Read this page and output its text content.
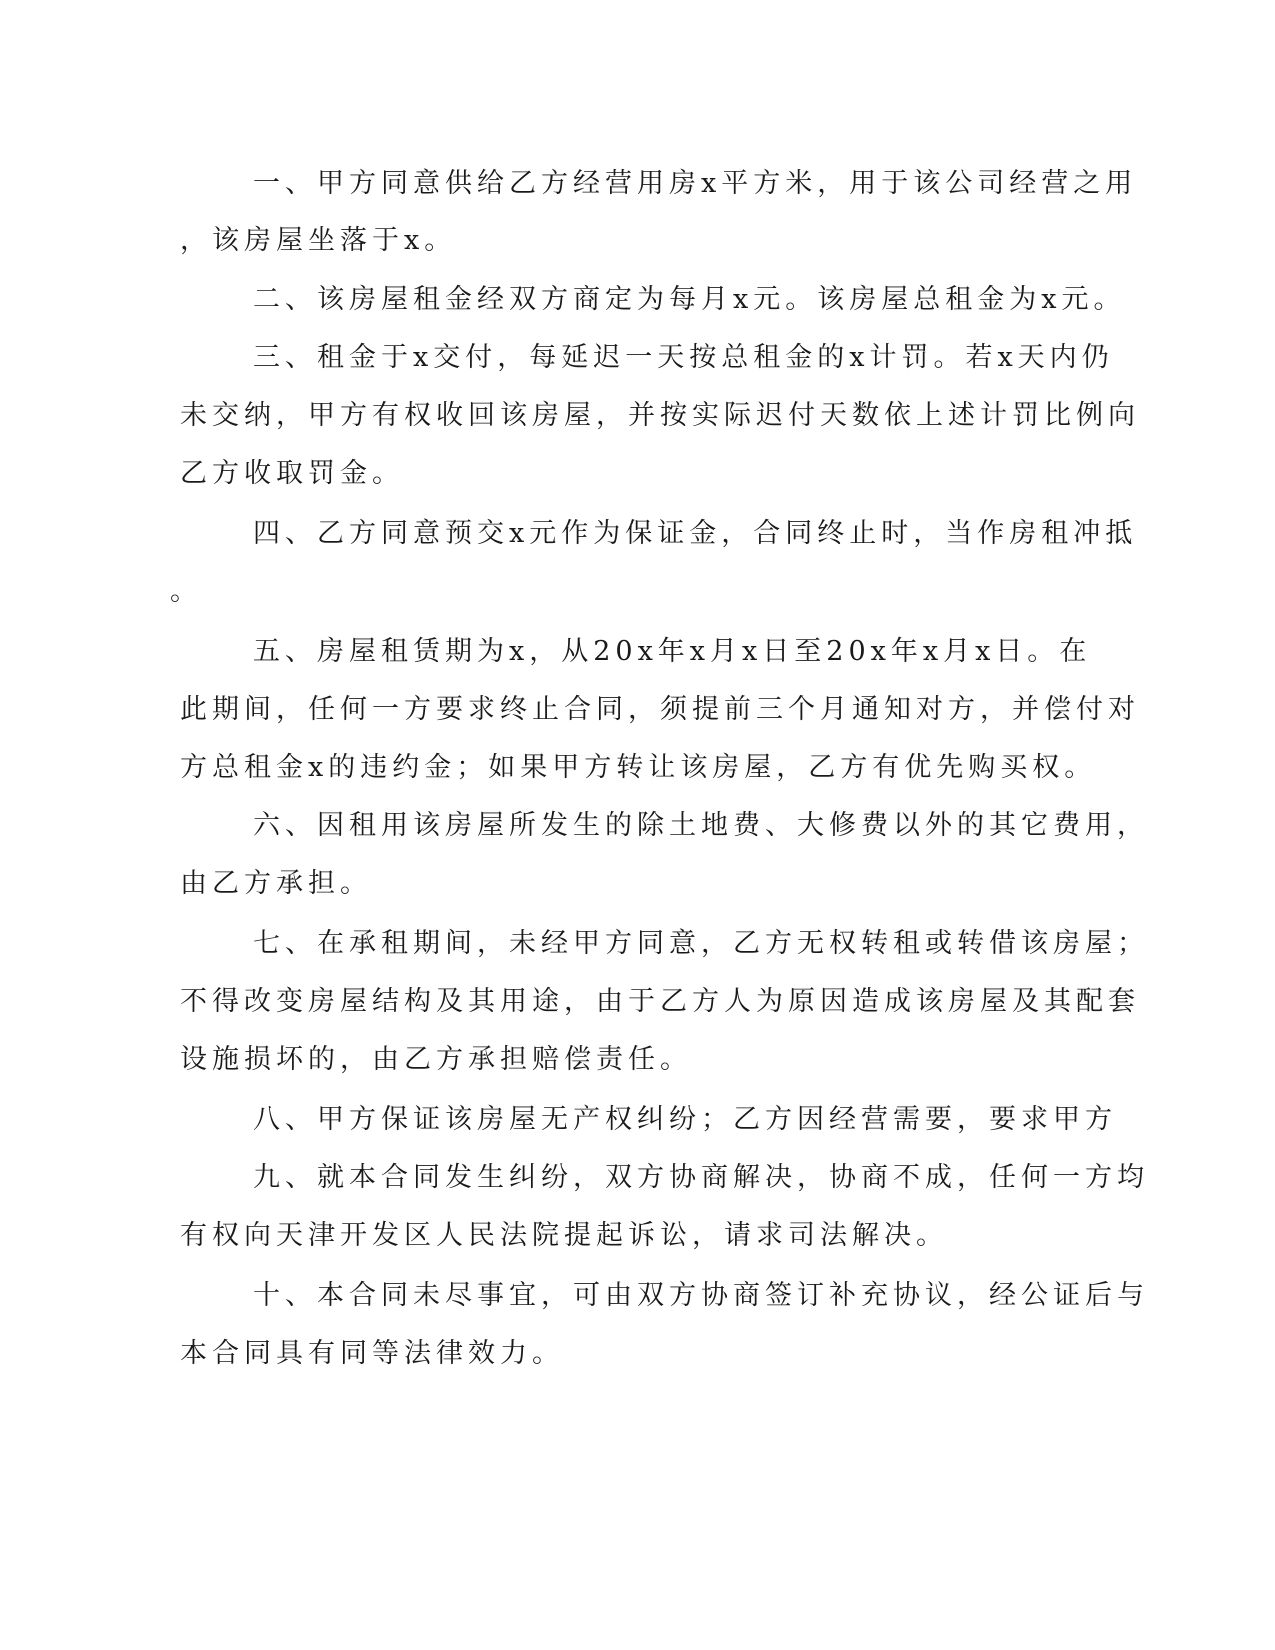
一、甲方同意供给乙方经营用房x平方米，用于该公司经营之用

，该房屋坐落于x。

二、该房屋租金经双方商定为每月x元。该房屋总租金为x元。

三、租金于x交付，每延迟一天按总租金的x计罚。若x天内仍

未交纳，甲方有权收回该房屋，并按实际迟付天数依上述计罚比例向

乙方收取罚金。

四、乙方同意预交x元作为保证金，合同终止时，当作房租冲抵

。

五、房屋租赁期为x，从20x年x月x日至20x年x月x日。在

此期间，任何一方要求终止合同，须提前三个月通知对方，并偿付对

方总租金x的违约金；如果甲方转让该房屋，乙方有优先购买权。

六、因租用该房屋所发生的除土地费、大修费以外的其它费用，

由乙方承担。

七、在承租期间，未经甲方同意，乙方无权转租或转借该房屋；

不得改变房屋结构及其用途，由于乙方人为原因造成该房屋及其配套

设施损坏的，由乙方承担赔偿责任。

八、甲方保证该房屋无产权纠纷；乙方因经营需要，要求甲方

九、就本合同发生纠纷，双方协商解决，协商不成，任何一方均

有权向天津开发区人民法院提起诉讼，请求司法解决。

十、本合同未尽事宜，可由双方协商签订补充协议，经公证后与

本合同具有同等法律效力。
